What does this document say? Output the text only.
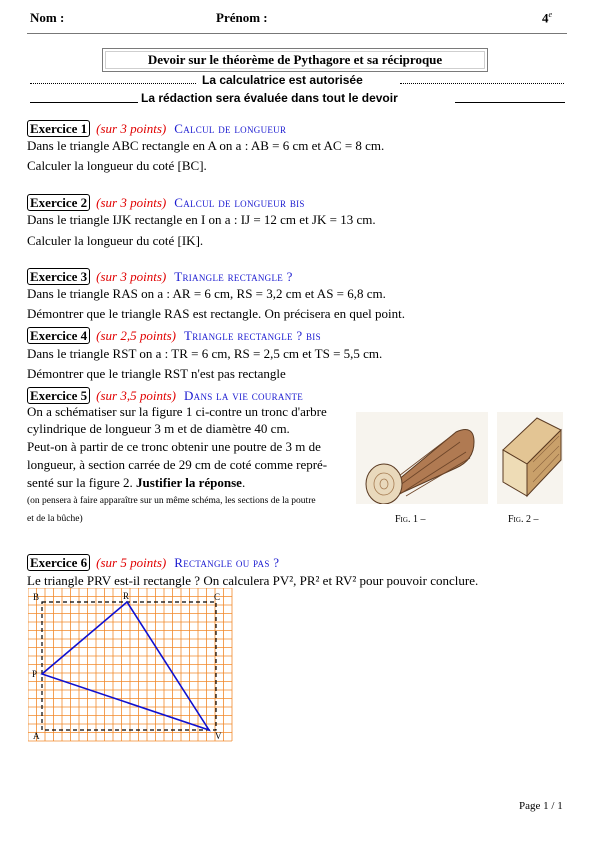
Nom :	Prénom :	4e
Devoir sur le théorème de Pythagore et sa réciproque
La calculatrice est autorisée
La rédaction sera évaluée dans tout le devoir
Exercice 1 (sur 3 points) Calcul de longueur
Dans le triangle ABC rectangle en A on a : AB = 6 cm et AC = 8 cm.
Calculer la longueur du coté [BC].
Exercice 2 (sur 3 points) Calcul de longueur bis
Dans le triangle IJK rectangle en I on a : IJ = 12 cm et JK = 13 cm.
Calculer la longueur du coté [IK].
Exercice 3 (sur 3 points) Triangle rectangle ?
Dans le triangle RAS on a : AR = 6 cm, RS = 3,2 cm et AS = 6,8 cm.
Démontrer que le triangle RAS est rectangle. On précisera en quel point.
Exercice 4 (sur 2,5 points) Triangle rectangle ? bis
Dans le triangle RST on a : TR = 6 cm, RS = 2,5 cm et TS = 5,5 cm.
Démontrer que le triangle RST n'est pas rectangle
Exercice 5 (sur 3,5 points) Dans la vie courante
On a schématiser sur la figure 1 ci-contre un tronc d'arbre
cylindrique de longueur 3 m et de diamètre 40 cm.
Peut-on à partir de ce tronc obtenir une poutre de 3 m de
longueur, à section carrée de 29 cm de coté comme repré-
senté sur la figure 2. Justifier la réponse.
(on pensera à faire apparaître sur un même schéma, les sections de la poutre
et de la bûche)	Fig. 1 –	Fig. 2 –
Exercice 6 (sur 5 points) Rectangle ou pas ?
Le triangle PRV est-il rectangle ? On calculera PV², PR² et RV² pour pouvoir conclure.
B	R	C
P
A	V
Page 1 / 1
